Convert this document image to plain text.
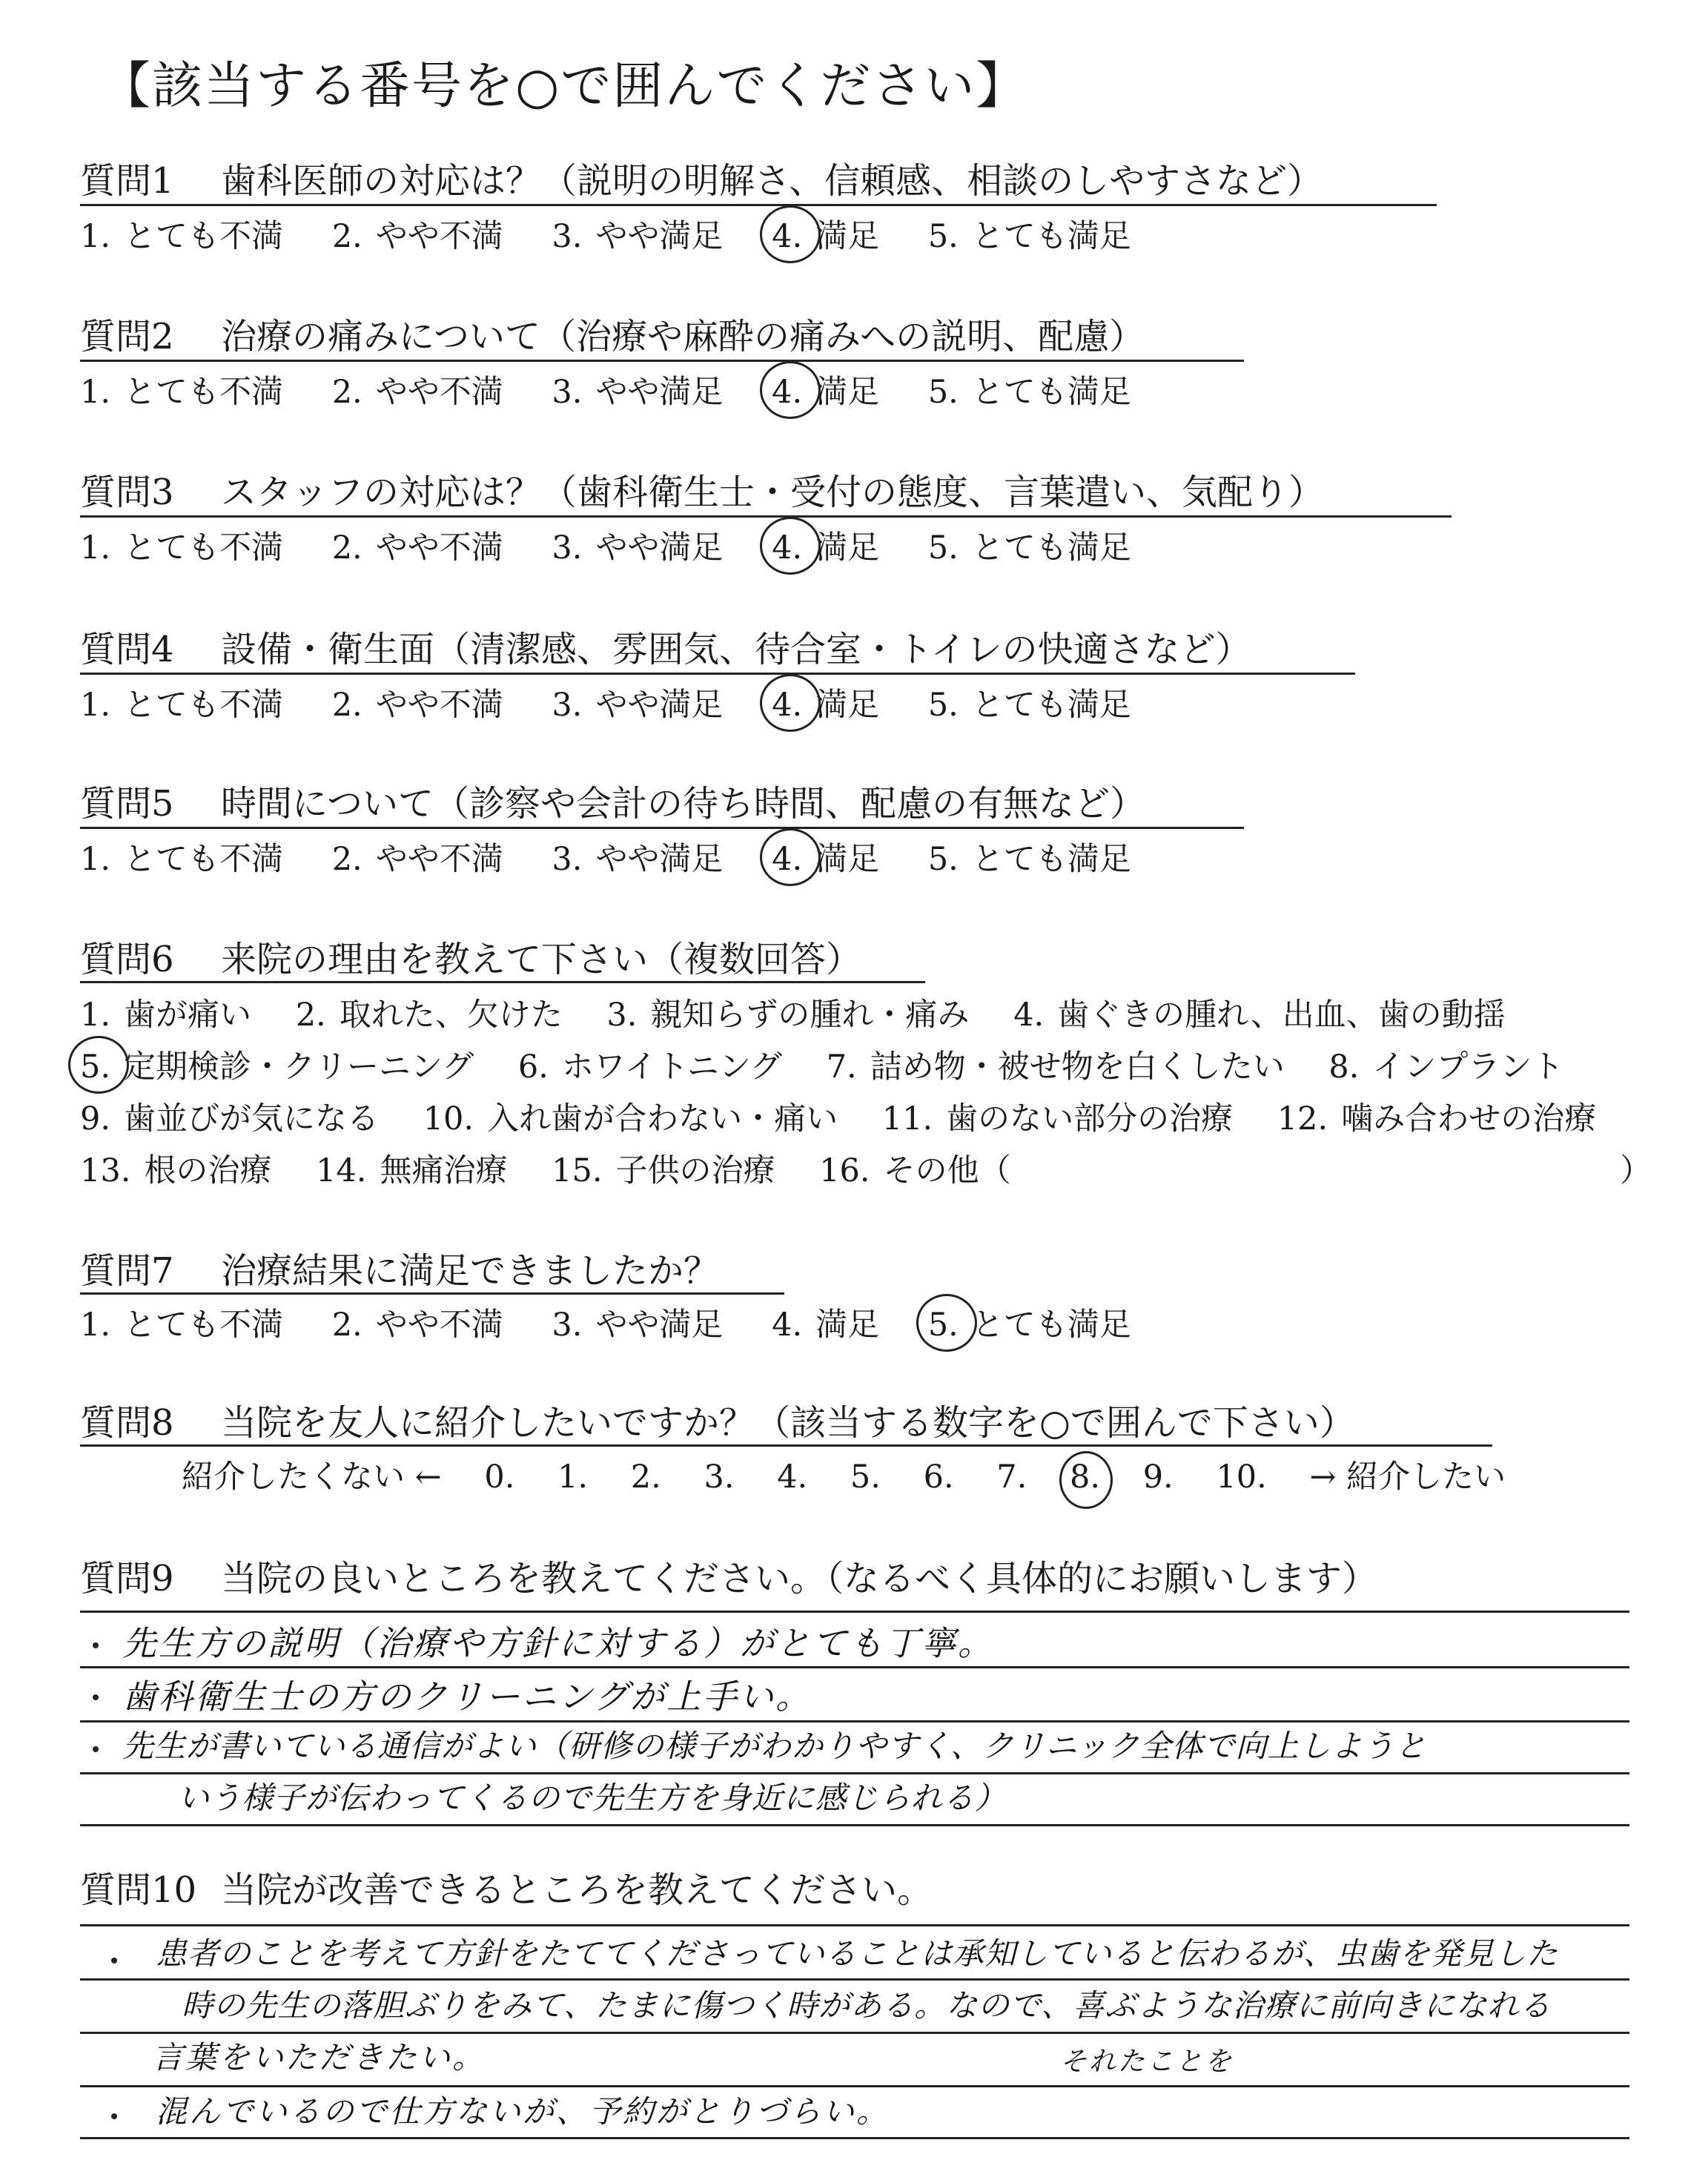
【該当する番号を○で囲んでください】
質問1 歯科医師の対応は？（説明の明解さ、信頼感、相談のしやすさなど）
1. とても不満 2. やや不満 3. やや満足 4. 満足 5. とても満足
質問2 治療の痛みについて（治療や麻酔の痛みへの説明、配慮）
1. とても不満 2. やや不満 3. やや満足 4. 満足 5. とても満足
質問3 スタッフの対応は？（歯科衛生士・受付の態度、言葉遣い、気配り）
1. とても不満 2. やや不満 3. やや満足 4. 満足 5. とても満足
質問4 設備・衛生面（清潔感、雰囲気、待合室・トイレの快適さなど）
1. とても不満 2. やや不満 3. やや満足 4. 満足 5. とても満足
質問5 時間について（診察や会計の待ち時間、配慮の有無など）
1. とても不満 2. やや不満 3. やや満足 4. 満足 5. とても満足
質問6 来院の理由を教えて下さい（複数回答）
1. 歯が痛い 2. 取れた、欠けた 3. 親知らずの腫れ・痛み 4. 歯ぐきの腫れ、出血、歯の動揺
5. 定期検診・クリーニング 6. ホワイトニング 7. 詰め物・被せ物を白くしたい 8. インプラント
9. 歯並びが気になる 10. 入れ歯が合わない・痛い 11. 歯のない部分の治療 12. 噛み合わせの治療
13. 根の治療 14. 無痛治療 15. 子供の治療 16. その他（	）
質問7 治療結果に満足できましたか？
1. とても不満 2. やや不満 3. やや満足 4. 満足 5. とても満足
質問8 当院を友人に紹介したいですか？（該当する数字を○で囲んで下さい）
紹介したくない ← 0. 1. 2. 3. 4. 5. 6. 7. 8. 9. 10. → 紹介したい
質問9 当院の良いところを教えてください。（なるべく具体的にお願いします）
先生方の説明（治療や方針に対する）がとても丁寧。
歯科衛生士の方のクリーニングが上手い。
先生が書いている通信がよい（研修の様子がわかりやすく、クリニック全体で向上しようと
いう様子が伝わってくるので先生方を身近に感じられる）
質問10 当院が改善できるところを教えてください。
患者のことを考えて方針をたててくださっていることは承知していると伝わるが、虫歯を発見した
時の先生の落胆ぶりをみて、たまに傷つく時がある。なので、喜ぶような治療に前向きになれる
言葉をいただきたい。	それたことを
混んでいるので仕方ないが、予約がとりづらい。
